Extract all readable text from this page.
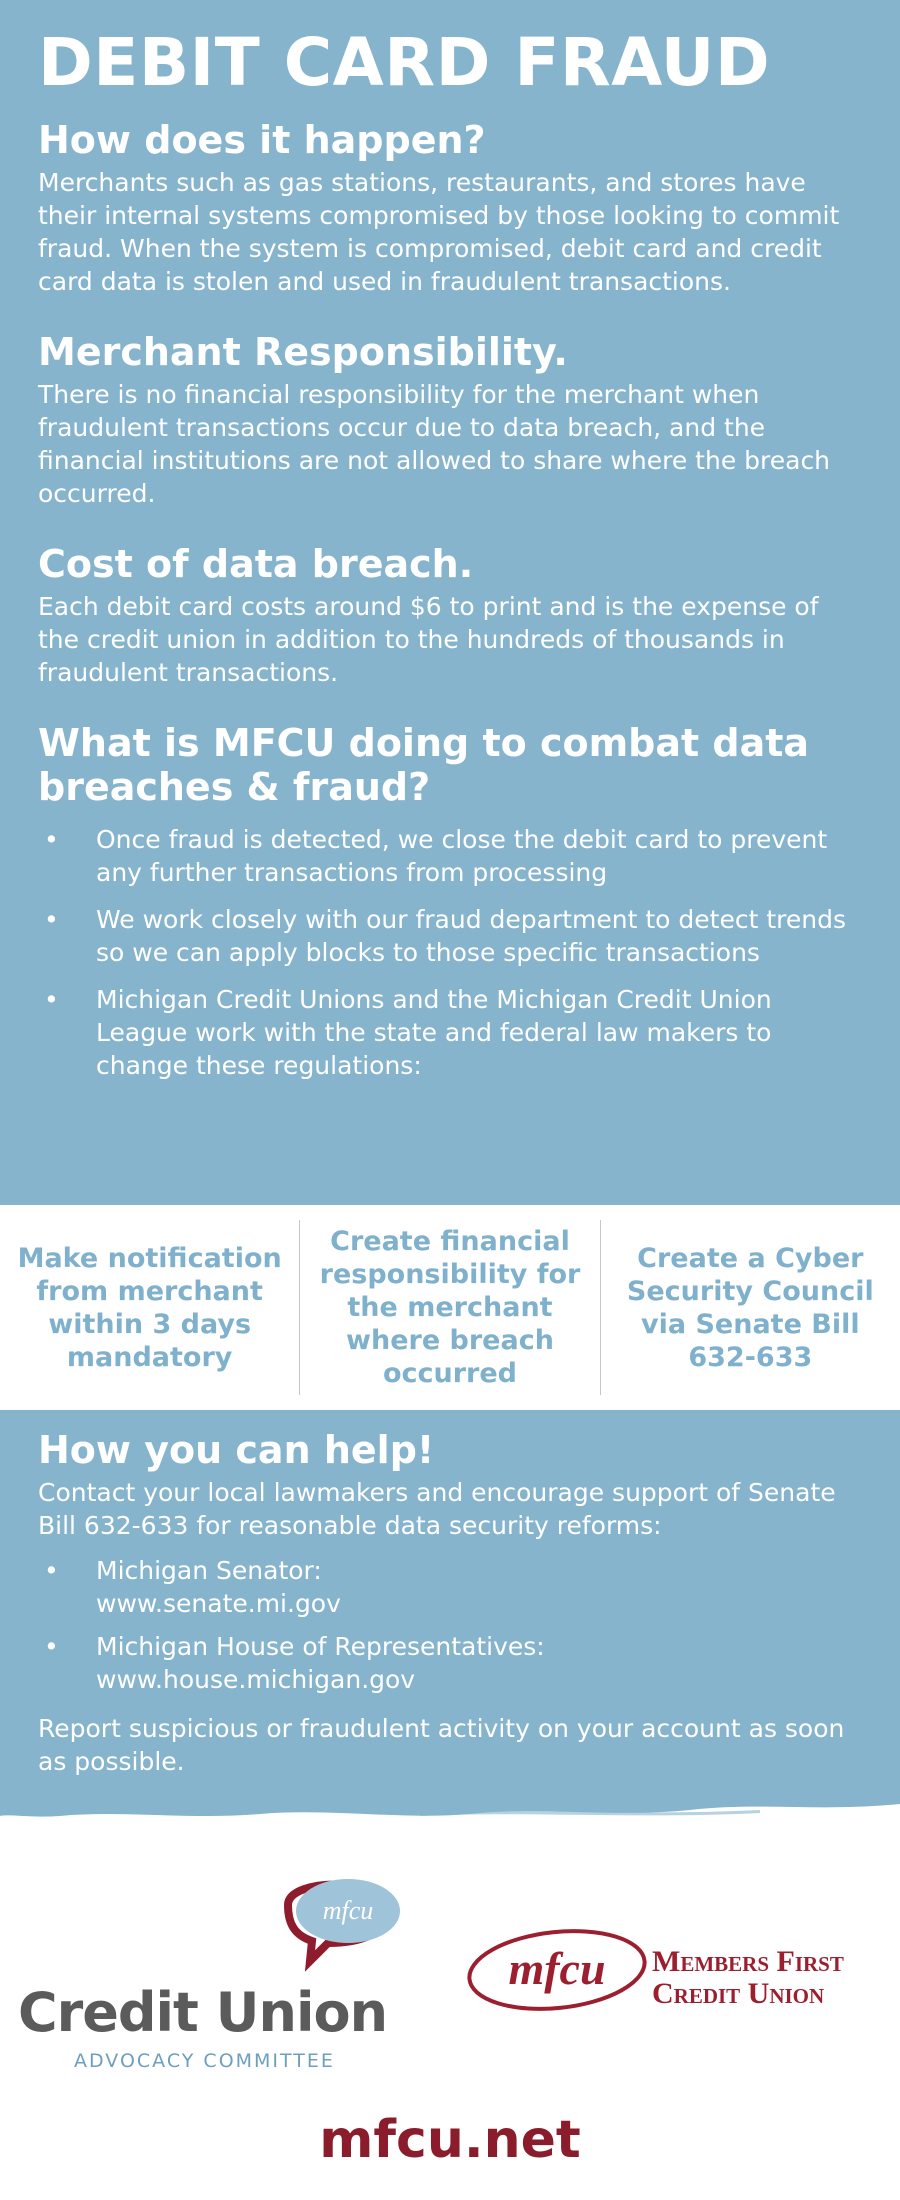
DEBIT CARD FRAUD
How does it happen?

Merchants such as gas stations, restaurants, and stores have their internal systems compromised by those looking to commit fraud. When the system is compromised, debit card and credit card data is stolen and used in fraudulent transactions.

Merchant Responsibility.

There is no financial responsibility for the merchant when fraudulent transactions occur due to data breach, and the financial institutions are not allowed to share where the breach occurred.

Cost of data breach.

Each debit card costs around $6 to print and is the expense of the credit union in addition to the hundreds of thousands in fraudulent transactions.

What is MFCU doing to combat data breaches & fraud?
• Once fraud is detected, we close the debit card to prevent any further transactions from processing
• We work closely with our fraud department to detect trends so we can apply blocks to those specific transactions
• Michigan Credit Unions and the Michigan Credit Union League work with the state and federal law makers to change these regulations:
Make notification from merchant within 3 days mandatory
Create financial responsibility for the merchant where breach occurred
Create a Cyber Security Council via Senate Bill 632-633
How you can help!

Contact your local lawmakers and encourage support of Senate Bill 632-633 for reasonable data security reforms:

• Michigan Senator:
www.senate.mi.gov
• Michigan House of Representatives:
www.house.michigan.gov

Report suspicious or fraudulent activity on your account as soon as possible.

mfcu
Credit Union
ADVOCACY COMMITTEE
mfcu Members First
Credit Union
mfcu.net
